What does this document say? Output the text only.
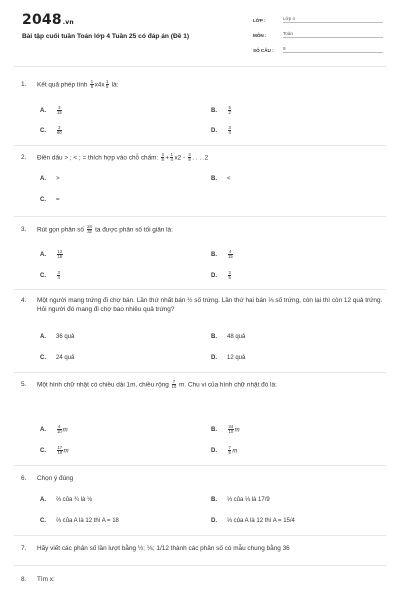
2048.vn
Bài tập cuối tuần Toán lớp 4 Tuần 25 có đáp án (Đề 1)
LỚP :	Lớp 4
MÔN :	Toán
SỐ CÂU :	9
1.	Kết quả phép tính $\frac{1}{6} x4x \frac{1}{5}$ là:
A.	$\frac{3}{15}$	B.	$\frac{5}{2}$
C.	$\frac{3}{60}$	D.	$\frac{3}{4}$
2.	Điền dấu > ; < ; = thích hợp vào chỗ chấm: $\frac{3}{8} + \frac{1}{4} x2 - \frac{3}{8}$ . . . .2
A. >	B. <
C. =
3.	Rút gọn phân số $\frac{24}{32}$ ta được phân số tối giản là:
A.	$\frac{12}{16}$	B.	$\frac{4}{15}$
C.	$\frac{3}{4}$	D.	$\frac{3}{5}$
4.	Một người mang trứng đi chợ bán. Lần thứ nhất bán ½ số trứng. Lần thứ hai bán ⅓ số trứng, còn lại thì còn 12 quả trứng. Hỏi người đó mang đi chợ bao nhiêu quả trứng?
A. 36 quả	B. 48 quả
C. 24 quả	D. 12 quả
5.	Một hình chữ nhật có chiều dài 1m, chiều rộng $\frac{7}{10} m$. Chu vi của hình chữ nhật đó là:
A.	$\frac{4}{10}$ m	B.	$\frac{34}{10}$ m
C.	$\frac{17}{10}$ m	D.	$\frac{7}{5}$ m
6.	Chọn ý đúng
A. ⅔ của ¾ là ⅛	B. ⅓ của ⅓ là 17/9
C. ⅔ của A là 12 thì A = 18	D. ⅓ của A là 12 thì A = 15/4
7.	Hãy viết các phân số lần lượt bằng ½; ⅙; 1/12 thành các phân số có mẫu chung bằng 36
8.	Tìm x:
